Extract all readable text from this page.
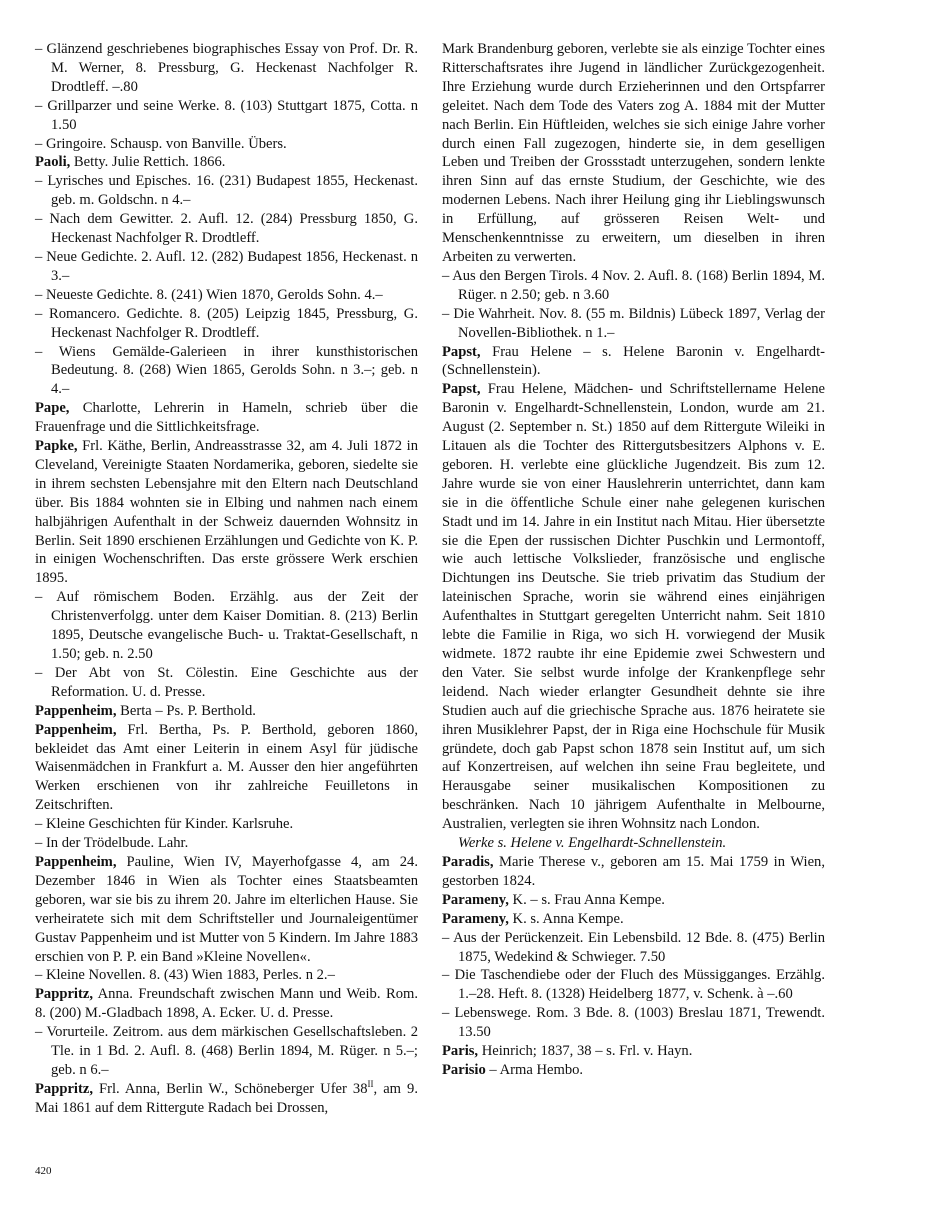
– Glänzend geschriebenes biographisches Essay von Prof. Dr. R. M. Werner, 8. Pressburg, G. Heckenast Nachfolger R. Drodtleff. –.80
– Grillparzer und seine Werke. 8. (103) Stuttgart 1875, Cotta. n 1.50
– Gringoire. Schausp. von Banville. Übers.
Paoli, Betty. Julie Rettich. 1866.
– Lyrisches und Episches. 16. (231) Budapest 1855, Heckenast. geb. m. Goldschn. n 4.–
– Nach dem Gewitter. 2. Aufl. 12. (284) Pressburg 1850, G. Heckenast Nachfolger R. Drodtleff.
– Neue Gedichte. 2. Aufl. 12. (282) Budapest 1856, Heckenast. n 3.–
– Neueste Gedichte. 8. (241) Wien 1870, Gerolds Sohn. 4.–
– Romancero. Gedichte. 8. (205) Leipzig 1845, Pressburg, G. Heckenast Nachfolger R. Drodtleff.
– Wiens Gemälde-Galerieen in ihrer kunsthistorischen Bedeutung. 8. (268) Wien 1865, Gerolds Sohn. n 3.–; geb. n 4.–
Pape, Charlotte, Lehrerin in Hameln, schrieb über die Frauenfrage und die Sittlichkeitsfrage.
Papke, Frl. Käthe, Berlin, Andreasstrasse 32, am 4. Juli 1872 in Cleveland, Vereinigte Staaten Nordamerika, geboren, siedelte sie in ihrem sechsten Lebensjahre mit den Eltern nach Deutschland über. Bis 1884 wohnten sie in Elbing und nahmen nach einem halbjährigen Aufenthalt in der Schweiz dauernden Wohnsitz in Berlin. Seit 1890 erschienen Erzählungen und Gedichte von K. P. in einigen Wochenschriften. Das erste grössere Werk erschien 1895.
– Auf römischem Boden. Erzählg. aus der Zeit der Christenverfolgg. unter dem Kaiser Domitian. 8. (213) Berlin 1895, Deutsche evangelische Buch- u. Traktat-Gesellschaft, n 1.50; geb. n. 2.50
– Der Abt von St. Cölestin. Eine Geschichte aus der Reformation. U. d. Presse.
Pappenheim, Berta – Ps. P. Berthold.
Pappenheim, Frl. Bertha, Ps. P. Berthold, geboren 1860, bekleidet das Amt einer Leiterin in einem Asyl für jüdische Waisenmädchen in Frankfurt a. M. Ausser den hier angeführten Werken erschienen von ihr zahlreiche Feuilletons in Zeitschriften.
– Kleine Geschichten für Kinder. Karlsruhe.
– In der Trödelbude. Lahr.
Pappenheim, Pauline, Wien IV, Mayerhofgasse 4, am 24. Dezember 1846 in Wien als Tochter eines Staatsbeamten geboren, war sie bis zu ihrem 20. Jahre im elterlichen Hause. Sie verheiratete sich mit dem Schriftsteller und Journaleigentümer Gustav Pappenheim und ist Mutter von 5 Kindern. Im Jahre 1883 erschien von P. P. ein Band »Kleine Novellen«.
– Kleine Novellen. 8. (43) Wien 1883, Perles. n 2.–
Pappritz, Anna. Freundschaft zwischen Mann und Weib. Rom. 8. (200) M.-Gladbach 1898, A. Ecker. U. d. Presse.
– Vorurteile. Zeitrom. aus dem märkischen Gesellschaftsleben. 2 Tle. in 1 Bd. 2. Aufl. 8. (468) Berlin 1894, M. Rüger. n 5.–; geb. n 6.–
Pappritz, Frl. Anna, Berlin W., Schöneberger Ufer $38^{II}$, am 9. Mai 1861 auf dem Rittergute Radach bei Drossen,
Mark Brandenburg geboren, verlebte sie als einzige Tochter eines Ritterschaftsrates ihre Jugend in ländlicher Zurückgezogenheit. Ihre Erziehung wurde durch Erzieherinnen und den Ortspfarrer geleitet. Nach dem Tode des Vaters zog A. 1884 mit der Mutter nach Berlin. Ein Hüftleiden, welches sie sich einige Jahre vorher durch einen Fall zugezogen, hinderte sie, in dem geselligen Leben und Treiben der Grossstadt unterzugehen, sondern lenkte ihren Sinn auf das ernste Studium, der Geschichte, wie des modernen Lebens. Nach ihrer Heilung ging ihr Lieblingswunsch in Erfüllung, auf grösseren Reisen Welt- und Menschenkenntnisse zu erweitern, um dieselben in ihren Arbeiten zu verwerten.
– Aus den Bergen Tirols. 4 Nov. 2. Aufl. 8. (168) Berlin 1894, M. Rüger. n 2.50; geb. n 3.60
– Die Wahrheit. Nov. 8. (55 m. Bildnis) Lübeck 1897, Verlag der Novellen-Bibliothek. n 1.–
Papst, Frau Helene – s. Helene Baronin v. Engelhardt-(Schnellenstein).
Papst, Frau Helene, Mädchen- und Schriftstellername Helene Baronin v. Engelhardt-Schnellenstein, London, wurde am 21. August (2. September n. St.) 1850 auf dem Rittergute Wileiki in Litauen als die Tochter des Rittergutsbesitzers Alphons v. E. geboren. H. verlebte eine glückliche Jugendzeit. Bis zum 12. Jahre wurde sie von einer Hauslehrerin unterrichtet, dann kam sie in die öffentliche Schule einer nahe gelegenen kurischen Stadt und im 14. Jahre in ein Institut nach Mitau. Hier übersetzte sie die Epen der russischen Dichter Puschkin und Lermontoff, wie auch lettische Volkslieder, französische und englische Dichtungen ins Deutsche. Sie trieb privatim das Studium der lateinischen Sprache, worin sie während eines einjährigen Aufenthaltes in Stuttgart geregelten Unterricht nahm. Seit 1810 lebte die Familie in Riga, wo sich H. vorwiegend der Musik widmete. 1872 raubte ihr eine Epidemie zwei Schwestern und den Vater. Sie selbst wurde infolge der Krankenpflege sehr leidend. Nach wieder erlangter Gesundheit dehnte sie ihre Studien auch auf die griechische Sprache aus. 1876 heiratete sie ihren Musiklehrer Papst, der in Riga eine Hochschule für Musik gründete, doch gab Papst schon 1878 sein Institut auf, um sich auf Konzertreisen, auf welchen ihn seine Frau begleitete, und Herausgabe seiner musikalischen Kompositionen zu beschränken. Nach 10 jährigem Aufenthalte in Melbourne, Australien, verlegten sie ihren Wohnsitz nach London.
Werke s. Helene v. Engelhardt-Schnellenstein.
Paradis, Marie Therese v., geboren am 15. Mai 1759 in Wien, gestorben 1824.
Parameny, K. – s. Frau Anna Kempe.
Parameny, K. s. Anna Kempe.
– Aus der Perückenzeit. Ein Lebensbild. 12 Bde. 8. (475) Berlin 1875, Wedekind & Schwieger. 7.50
– Die Taschendiebe oder der Fluch des Müssigganges. Erzählg. 1.–28. Heft. 8. (1328) Heidelberg 1877, v. Schenk. à –.60
– Lebenswege. Rom. 3 Bde. 8. (1003) Breslau 1871, Trewendt. 13.50
Paris, Heinrich; 1837, 38 – s. Frl. v. Hayn.
Parisio – Arma Hembo.
420
